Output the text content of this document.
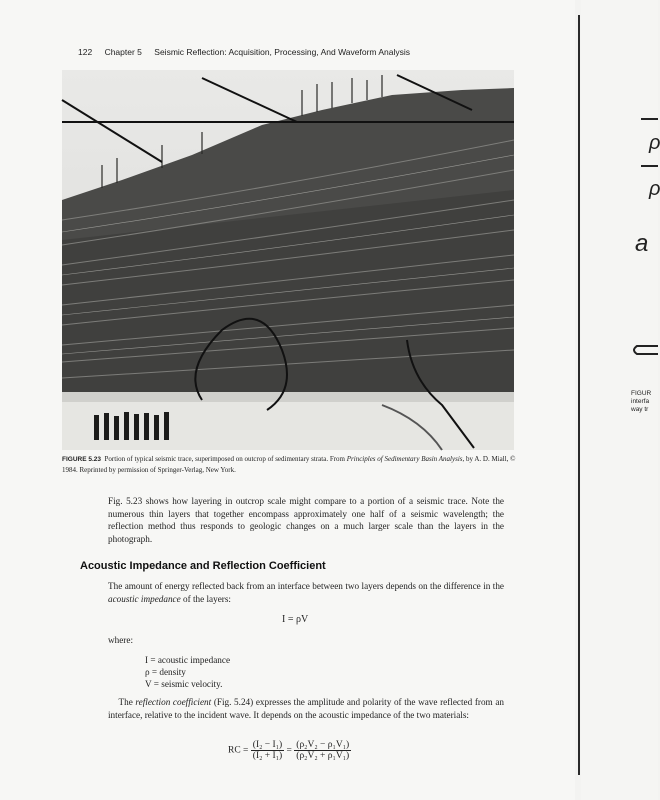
122 Chapter 5 Seismic Reflection: Acquisition, Processing, And Waveform Analysis
FIGURE 5.23 Portion of typical seismic trace, superimposed on outcrop of sedimentary strata. From Principles of Sedimentary Basin Analysis, by A. D. Miall, © 1984. Reprinted by permission of Springer-Verlag, New York.
Fig. 5.23 shows how layering in outcrop scale might compare to a portion of a seismic trace. Note the numerous thin layers that together encompass approximately one half of a seismic wavelength; the reflection method thus responds to geologic changes on a much larger scale than the layers in the photograph.
Acoustic Impedance and Reflection Coefficient
The amount of energy reflected back from an interface between two layers depends on the difference in the acoustic impedance of the layers:
I = ρV
where:
I = acoustic impedance
ρ = density
V = seismic velocity.
The reflection coefficient (Fig. 5.24) expresses the amplitude and polarity of the wave reflected from an interface, relative to the incident wave. It depends on the acoustic impedance of the two materials:
RC = $\frac{\text{(I₂ − I₁)}}{\text{(I₂ + I₁)}} = \frac{\text{(ρ₂V₂ − ρ₁V₁)}}{\text{(ρ₂V₂ + ρ₁V₁)}}$
ρ
ρ
a
FIGUR
interfa
way tr
